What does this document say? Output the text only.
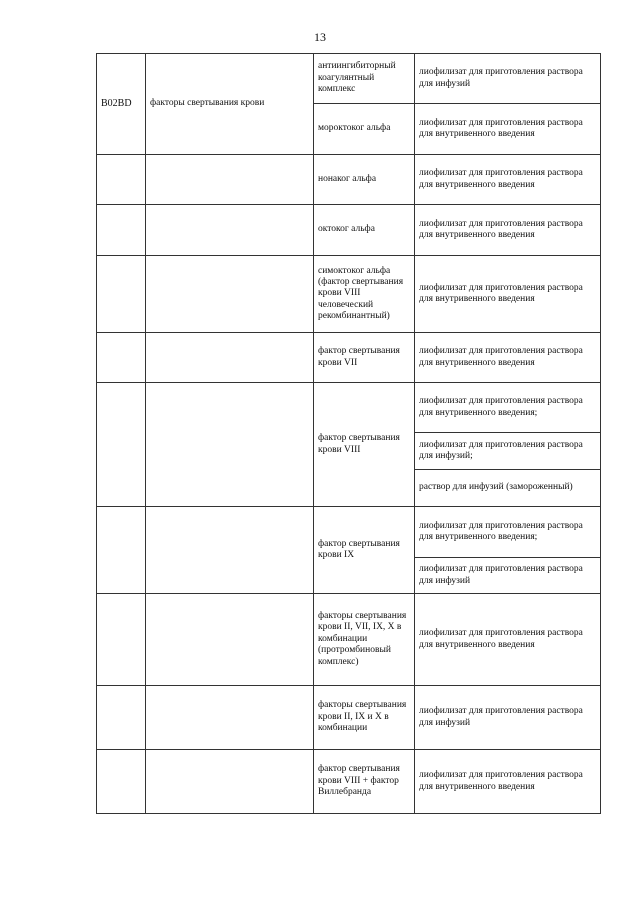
13
B02BD	факторы свертывания крови	антиингибиторный коагулянтный комплекс	лиофилизат для приготовления раствора для инфузий
		мороктоког альфа	лиофилизат для приготовления раствора для внутривенного введения
		нонаког альфа	лиофилизат для приготовления раствора для внутривенного введения
		октоког альфа	лиофилизат для приготовления раствора для внутривенного введения
		симоктоког альфа (фактор свертывания крови VIII человеческий рекомбинантный)	лиофилизат для приготовления раствора для внутривенного введения
		фактор свертывания крови VII	лиофилизат для приготовления раствора для внутривенного введения
		фактор свертывания крови VIII	лиофилизат для приготовления раствора для внутривенного введения;
			лиофилизат для приготовления раствора для инфузий;
			раствор для инфузий (замороженный)
		фактор свертывания крови IX	лиофилизат для приготовления раствора для внутривенного введения;
			лиофилизат для приготовления раствора для инфузий
		факторы свертывания крови II, VII, IX, X в комбинации (протромбиновый комплекс)	лиофилизат для приготовления раствора для внутривенного введения
		факторы свертывания крови II, IX и X в комбинации	лиофилизат для приготовления раствора для инфузий
		фактор свертывания крови VIII + фактор Виллебранда	лиофилизат для приготовления раствора для внутривенного введения
